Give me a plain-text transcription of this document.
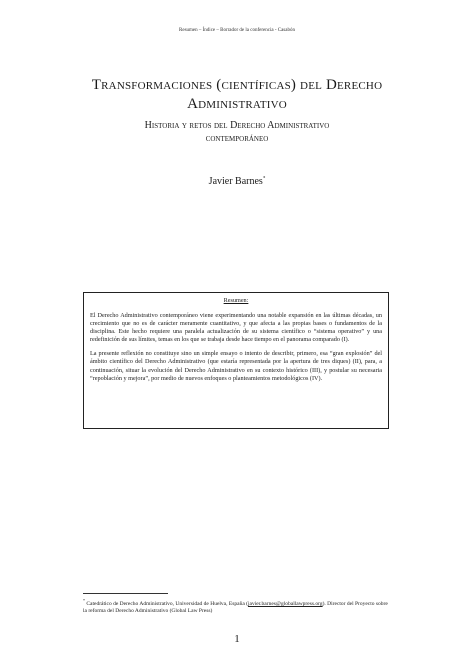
Resumen – Índice – Borrador de la conferencia - Casabón
Transformaciones (científicas) del Derecho
Administrativo
Historia y retos del Derecho Administrativo
contemporáneo
Javier Barnes*
Resumen:

El Derecho Administrativo contemporáneo viene experimentando una notable expansión en las últimas décadas, un crecimiento que no es de carácter meramente cuantitativo, y que afecta a las propias bases o fundamentos de la disciplina. Este hecho requiere una paralela actualización de su sistema científico o “sistema operativo” y una redefinición de sus límites, temas en los que se trabaja desde hace tiempo en el panorama comparado (I).

La presente reflexión no constituye sino un simple ensayo o intento de describir, primero, esa “gran explosión” del ámbito científico del Derecho Administrativo (que estaría representada por la apertura de tres diques) (II), para, a continuación, situar la evolución del Derecho Administrativo en su contexto histórico (III), y postular su necesaria “repoblación y mejora”, por medio de nuevos enfoques o planteamientos metodológicos (IV).

* Catedrático de Derecho Administrativo, Universidad de Huelva, España (javier.barnes@globallawpress.org). Director del Proyecto sobre la reforma del Derecho Administrativo (Global Law Press)
1
